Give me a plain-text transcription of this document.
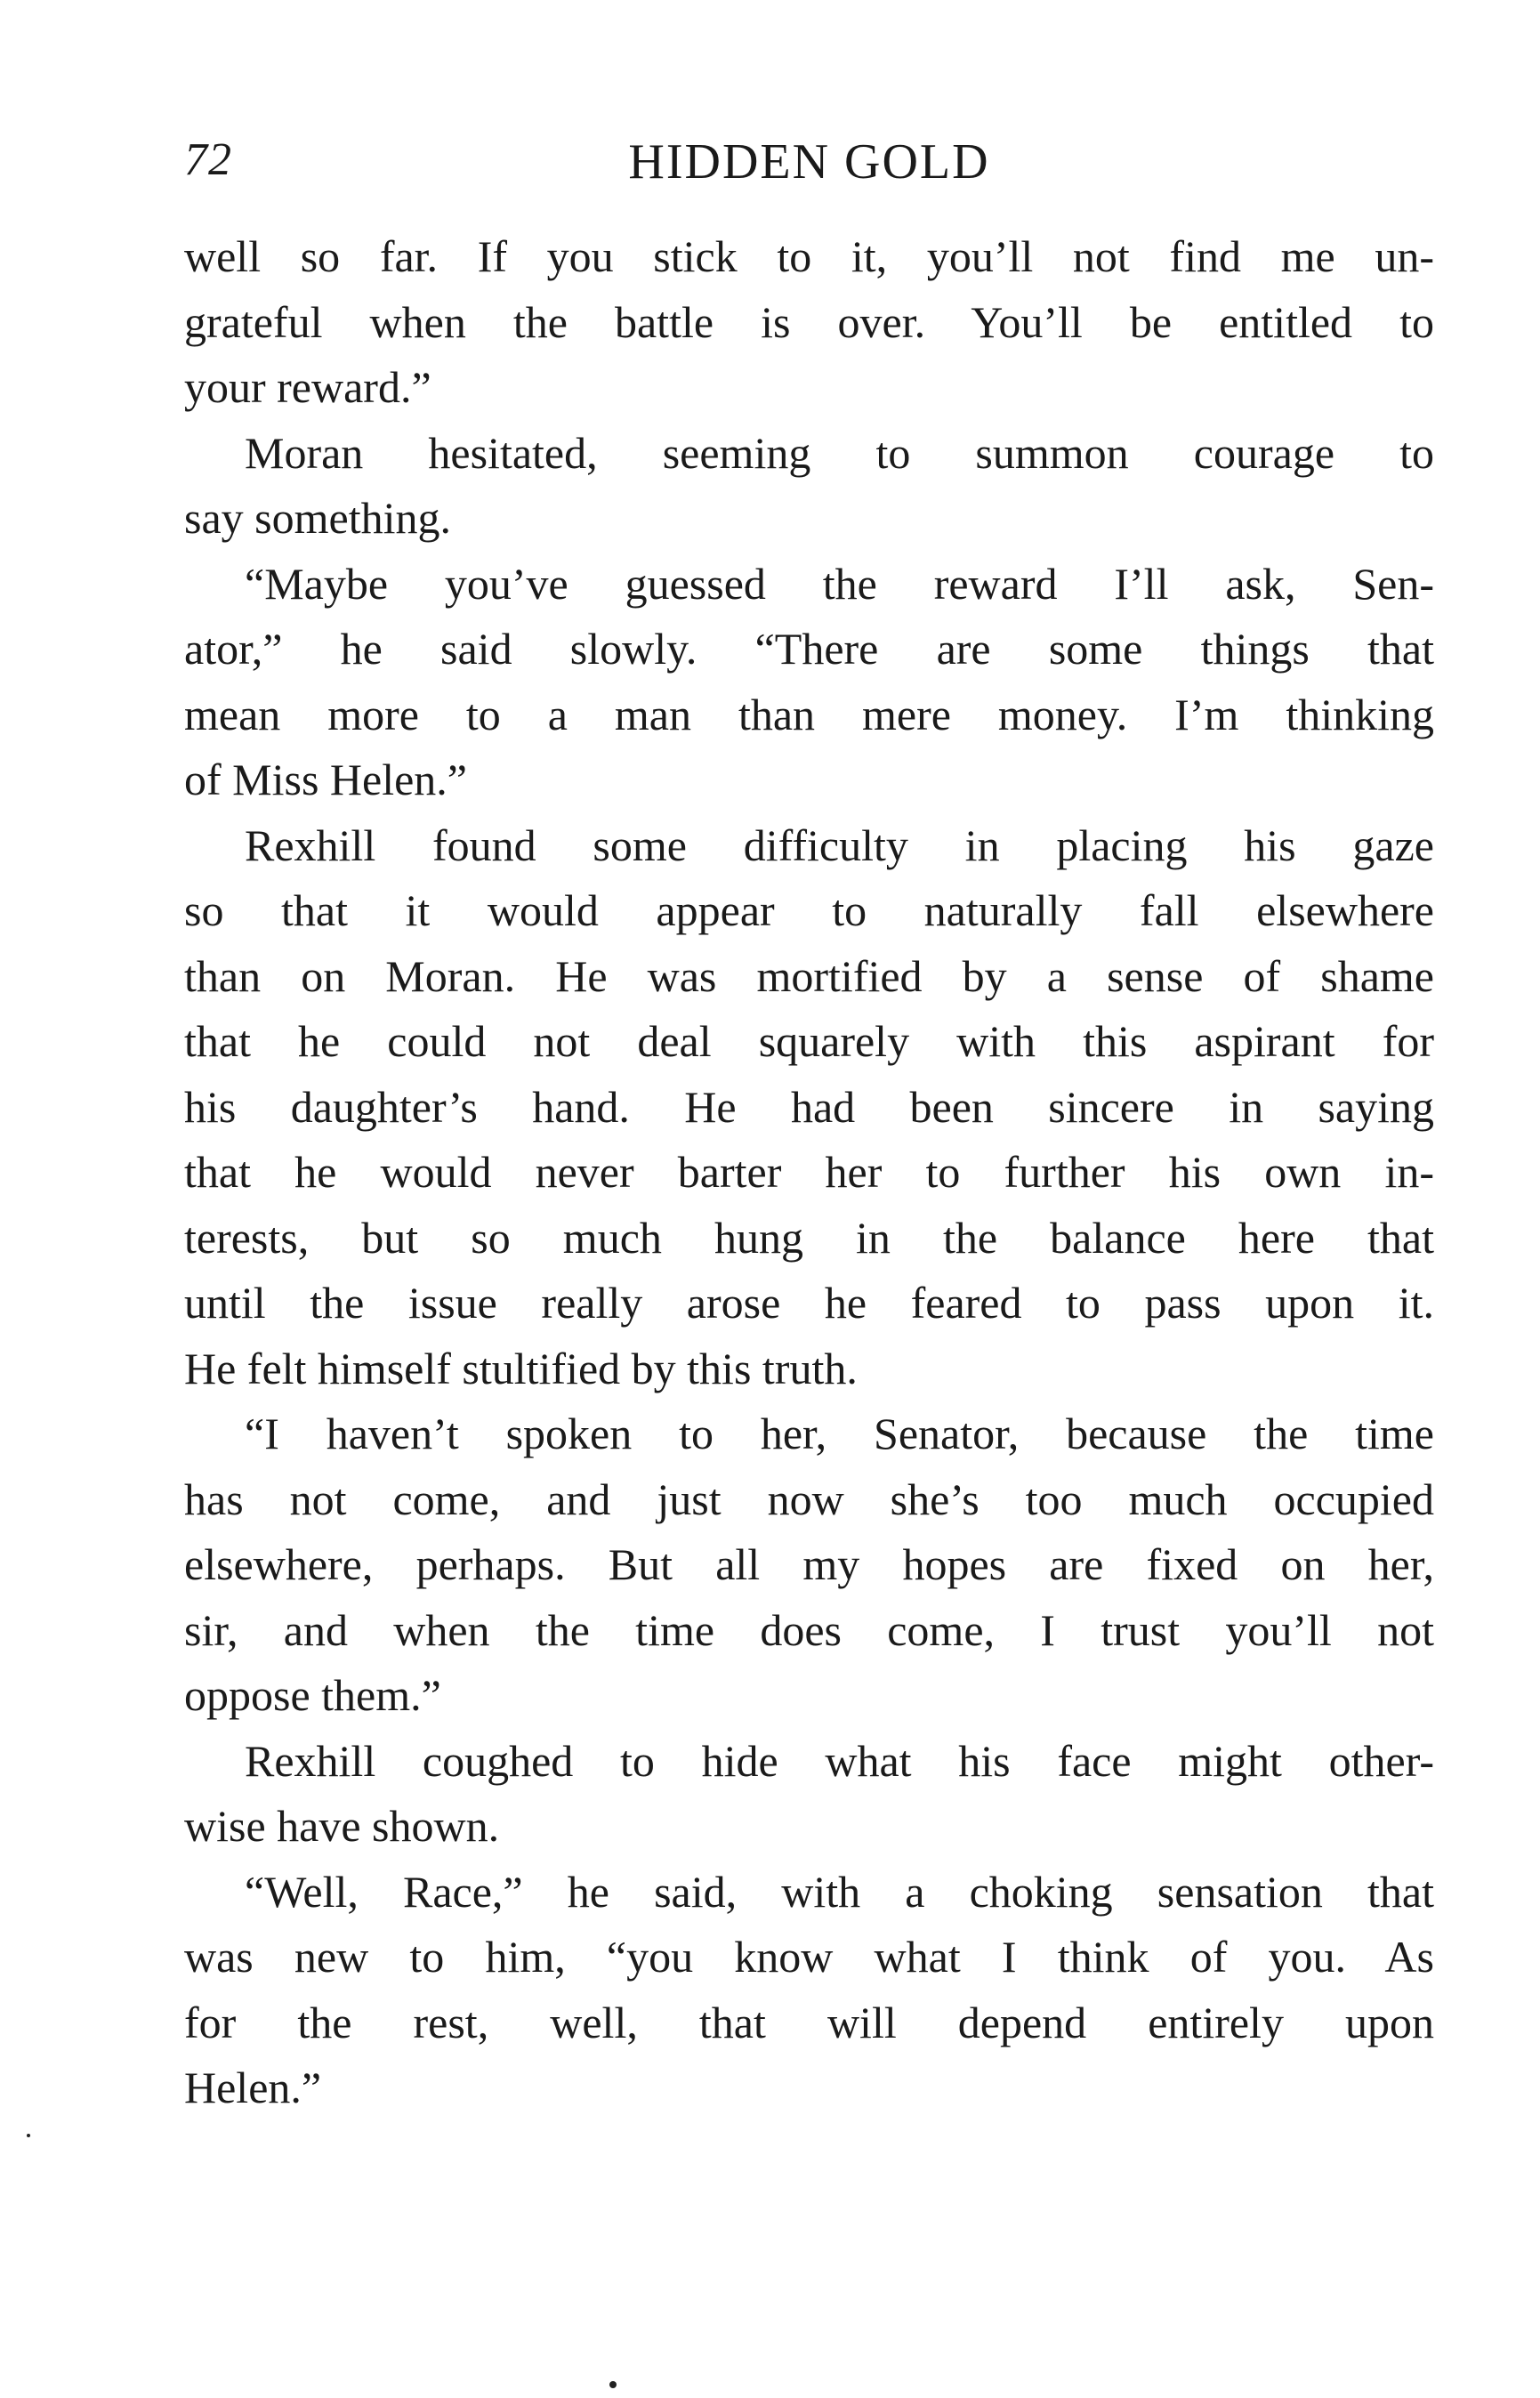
72	HIDDEN GOLD
well so far. If you stick to it, you’ll not find me un-
grateful when the battle is over. You’ll be entitled to
your reward.”
Moran hesitated, seeming to summon courage to
say something.
“Maybe you’ve guessed the reward I’ll ask, Sen-
ator,” he said slowly. “There are some things that
mean more to a man than mere money. I’m thinking
of Miss Helen.”
Rexhill found some difficulty in placing his gaze
so that it would appear to naturally fall elsewhere
than on Moran. He was mortified by a sense of shame
that he could not deal squarely with this aspirant for
his daughter’s hand. He had been sincere in saying
that he would never barter her to further his own in-
terests, but so much hung in the balance here that
until the issue really arose he feared to pass upon it.
He felt himself stultified by this truth.
“I haven’t spoken to her, Senator, because the time
has not come, and just now she’s too much occupied
elsewhere, perhaps. But all my hopes are fixed on her,
sir, and when the time does come, I trust you’ll not
oppose them.”
Rexhill coughed to hide what his face might other-
wise have shown.
“Well, Race,” he said, with a choking sensation that
was new to him, “you know what I think of you. As
for the rest, well, that will depend entirely upon
Helen.”
